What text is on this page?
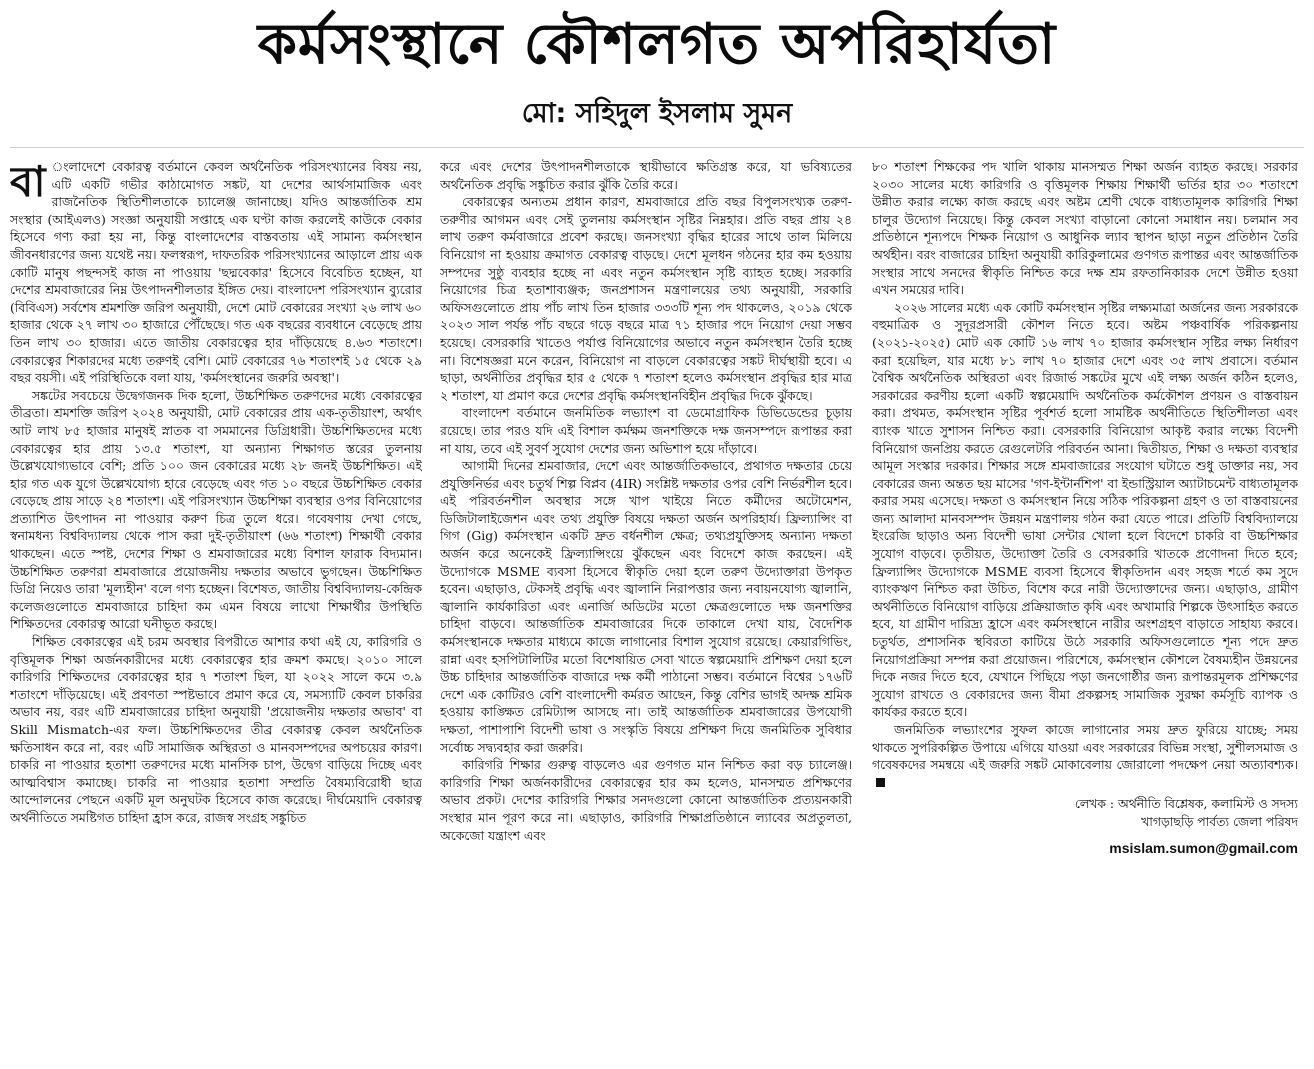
কর্মসংস্থানে কৌশলগত অপরিহার্যতা
মো: সহিদুল ইসলাম সুমন

বা ংলাদেশে বেকারত্ব বর্তমানে কেবল অর্থনৈতিক পরিসংখ্যানের বিষয় নয়, এটি একটি গভীর কাঠামোগত সঙ্কট, যা দেশের আর্থসামাজিক এবং রাজনৈতিক স্থিতিশীলতাকে চ্যালেঞ্জ জানাচ্ছে। যদিও আন্তর্জাতিক শ্রম সংস্থার (আইএলও) সংজ্ঞা অনুযায়ী সপ্তাহে এক ঘণ্টা কাজ করলেই কাউকে বেকার হিসেবে গণ্য করা হয় না, কিন্তু বাংলাদেশের বাস্তবতায় এই সামান্য কর্মসংস্থান জীবনধারণের জন্য যথেষ্ট নয়। ফলস্বরূপ, দাফতরিক পরিসংখ্যানের আড়ালে প্রায় এক কোটি মানুষ পছন্দসই কাজ না পাওয়ায় 'ছদ্মবেকার' হিসেবে বিবেচিত হচ্ছেন, যা দেশের শ্রমবাজারের নিম্ন উৎপাদনশীলতার ইঙ্গিত দেয়। বাংলাদেশ পরিসংখ্যান ব্যুরোর (বিবিএস) সর্বশেষ শ্রমশক্তি জরিপ অনুযায়ী, দেশে মোট বেকারের সংখ্যা ২৬ লাখ ৬০ হাজার থেকে ২৭ লাখ ৩০ হাজারে পৌঁছেছে। গত এক বছরের ব্যবধানে বেড়েছে প্রায় তিন লাখ ৩০ হাজার। এতে জাতীয় বেকারত্বের হার দাঁড়িয়েছে ৪.৬৩ শতাংশে। বেকারত্বের শিকারদের মধ্যে তরুণই বেশি। মোট বেকারের ৭৬ শতাংশই ১৫ থেকে ২৯ বছর বয়সী। এই পরিস্থিতিকে বলা যায়, 'কর্মসংস্থানের জরুরি অবস্থা'।

সঙ্কটের সবচেয়ে উদ্বেগজনক দিক হলো, উচ্চশিক্ষিত তরুণদের মধ্যে বেকারত্বের তীব্রতা। শ্রমশক্তি জরিপ ২০২৪ অনুযায়ী, মোট বেকারের প্রায় এক-তৃতীয়াংশ, অর্থাৎ আট লাখ ৮৫ হাজার মানুষই স্নাতক বা সমমানের ডিগ্রিধারী। উচ্চশিক্ষিতদের মধ্যে বেকারত্বের হার প্রায় ১৩.৫ শতাংশ, যা অন্যান্য শিক্ষাগত স্তরের তুলনায় উল্লেখযোগ্যভাবে বেশি; প্রতি ১০০ জন বেকারের মধ্যে ২৮ জনই উচ্চশিক্ষিত। এই হার গত এক যুগে উল্লেখযোগ্য হারে বেড়েছে এবং গত ১০ বছরে উচ্চশিক্ষিত বেকার বেড়েছে প্রায় সাড়ে ২৪ শতাংশ। এই পরিসংখ্যান উচ্চশিক্ষা ব্যবস্থার ওপর বিনিয়োগের প্রত্যাশিত উৎপাদন না পাওয়ার করুণ চিত্র তুলে ধরে। গবেষণায় দেখা গেছে, স্বনামধন্য বিশ্ববিদ্যালয় থেকে পাস করা দুই-তৃতীয়াংশ (৬৬ শতাংশ) শিক্ষার্থী বেকার থাকছেন। এতে স্পষ্ট, দেশের শিক্ষা ও শ্রমবাজারের মধ্যে বিশাল ফারাক বিদ্যমান। উচ্চশিক্ষিত তরুণরা শ্রমবাজারে প্রয়োজনীয় দক্ষতার অভাবে ভুগছেন। উচ্চশিক্ষিত ডিগ্রি নিয়েও তারা 'মূল্যহীন' বলে গণ্য হচ্ছেন। বিশেষত, জাতীয় বিশ্ববিদ্যালয়-কেন্দ্রিক কলেজগুলোতে শ্রমবাজারে চাহিদা কম এমন বিষয়ে লাখো শিক্ষার্থীর উপস্থিতি শিক্ষিতদের বেকারত্ব আরো ঘনীভূত করছে।

শিক্ষিত বেকারত্বের এই চরম অবস্থার বিপরীতে আশার কথা এই যে, কারিগরি ও বৃত্তিমূলক শিক্ষা অর্জনকারীদের মধ্যে বেকারত্বের হার ক্রমশ কমছে। ২০১০ সালে কারিগরি শিক্ষিতদের বেকারত্বের হার ৭ শতাংশ ছিল, যা ২০২২ সালে কমে ৩.৯ শতাংশে দাঁড়িয়েছে। এই প্রবণতা স্পষ্টভাবে প্রমাণ করে যে, সমস্যাটি কেবল চাকরির অভাব নয়, বরং এটি শ্রমবাজারের চাহিদা অনুযায়ী 'প্রয়োজনীয় দক্ষতার অভাব' বা Skill Mismatch-এর ফল। উচ্চশিক্ষিতদের তীব্র বেকারত্ব কেবল অর্থনৈতিক ক্ষতিসাধন করে না, বরং এটি সামাজিক অস্থিরতা ও মানবসম্পদের অপচয়ের কারণ। চাকরি না পাওয়ার হতাশা তরুণদের মধ্যে মানসিক চাপ, উদ্বেগ বাড়িয়ে দিচ্ছে এবং আত্মবিশ্বাস কমাচ্ছে। চাকরি না পাওয়ার হতাশা সম্প্রতি বৈষম্যবিরোধী ছাত্র আন্দোলনের পেছনে একটি মূল অনুঘটক হিসেবে কাজ করেছে। দীর্ঘমেয়াদি বেকারত্ব অর্থনীতিতে সমষ্টিগত চাহিদা হ্রাস করে, রাজস্ব সংগ্রহ সঙ্কুচিত

করে এবং দেশের উৎপাদনশীলতাকে স্থায়ীভাবে ক্ষতিগ্রস্ত করে, যা ভবিষ্যতের অর্থনৈতিক প্রবৃদ্ধি সঙ্কুচিত করার ঝুঁকি তৈরি করে।

বেকারত্বের অন্যতম প্রধান কারণ, শ্রমবাজারে প্রতি বছর বিপুলসংখ্যক তরুণ-তরুণীর আগমন এবং সেই তুলনায় কর্মসংস্থান সৃষ্টির নিম্নহার। প্রতি বছর প্রায় ২৪ লাখ তরুণ কর্মবাজারে প্রবেশ করছে। জনসংখ্যা বৃদ্ধির হারের সাথে তাল মিলিয়ে বিনিয়োগ না হওয়ায় ক্রমাগত বেকারত্ব বাড়ছে। দেশে মূলধন গঠনের হার কম হওয়ায় সম্পদের সুষ্ঠু ব্যবহার হচ্ছে না এবং নতুন কর্মসংস্থান সৃষ্টি ব্যাহত হচ্ছে। সরকারি নিয়োগের চিত্র হতাশাব্যঞ্জক; জনপ্রশাসন মন্ত্রণালয়ের তথ্য অনুযায়ী, সরকারি অফিসগুলোতে প্রায় পাঁচ লাখ তিন হাজার ৩৩৩টি শূন্য পদ থাকলেও, ২০১৯ থেকে ২০২৩ সাল পর্যন্ত পাঁচ বছরে গড়ে বছরে মাত্র ৭১ হাজার পদে নিয়োগ দেয়া সম্ভব হয়েছে। বেসরকারি খাতেও পর্যাপ্ত বিনিয়োগের অভাবে নতুন কর্মসংস্থান তৈরি হচ্ছে না। বিশেষজ্ঞরা মনে করেন, বিনিয়োগ না বাড়লে বেকারত্বের সঙ্কট দীর্ঘস্থায়ী হবে। এ ছাড়া, অর্থনীতির প্রবৃদ্ধির হার ৫ থেকে ৭ শতাংশ হলেও কর্মসংস্থান প্রবৃদ্ধির হার মাত্র ২ শতাংশ, যা প্রমাণ করে দেশের প্রবৃদ্ধি কর্মসংস্থানবিহীন প্রবৃদ্ধির দিকে ঝুঁকছে।

বাংলাদেশ বর্তমানে জনমিতিক লভ্যাংশ বা ডেমোগ্রাফিক ডিভিডেন্ডের চূড়ায় রয়েছে। তার পরও যদি এই বিশাল কর্মক্ষম জনশক্তিকে দক্ষ জনসম্পদে রূপান্তর করা না যায়, তবে এই সুবর্ণ সুযোগ দেশের জন্য অভিশাপ হয়ে দাঁড়াবে।

আগামী দিনের শ্রমবাজার, দেশে এবং আন্তর্জাতিকভাবে, প্রথাগত দক্ষতার চেয়ে প্রযুক্তিনির্ভর এবং চতুর্থ শিল্প বিপ্লব (4IR) সংশ্লিষ্ট দক্ষতার ওপর বেশি নির্ভরশীল হবে। এই পরিবর্তনশীল অবস্থার সঙ্গে খাপ খাইয়ে নিতে কর্মীদের অটোমেশন, ডিজিটালাইজেশন এবং তথ্য প্রযুক্তি বিষয়ে দক্ষতা অর্জন অপরিহার্য। ফ্রিল্যান্সিং বা গিগ (Gig) কর্মসংস্থান একটি দ্রুত বর্ধনশীল ক্ষেত্র; তথ্যপ্রযুক্তিসহ অন্যান্য দক্ষতা অর্জন করে অনেকেই ফ্রিল্যান্সিংয়ে ঝুঁকছেন এবং বিদেশে কাজ করছেন। এই উদ্যোগকে MSME ব্যবসা হিসেবে স্বীকৃতি দেয়া হলে তরুণ উদ্যোক্তারা উপকৃত হবেন। এছাড়াও, টেকসই প্রবৃদ্ধি এবং জ্বালানি নিরাপত্তার জন্য নবায়নযোগ্য জ্বালানি, জ্বালানি কার্যকারিতা এবং এনার্জি অডিটের মতো ক্ষেত্রগুলোতে দক্ষ জনশক্তির চাহিদা বাড়বে। আন্তর্জাতিক শ্রমবাজারের দিকে তাকালে দেখা যায়, বৈদেশিক কর্মসংস্থানকে দক্ষতার মাধ্যমে কাজে লাগানোর বিশাল সুযোগ রয়েছে। কেয়ারগিভিং, রান্না এবং হসপিটালিটির মতো বিশেষায়িত সেবা খাতে স্বল্পমেয়াদি প্রশিক্ষণ দেয়া হলে উচ্চ চাহিদার আন্তর্জাতিক বাজারে দক্ষ কর্মী পাঠানো সম্ভব। বর্তমানে বিশ্বের ১৭৬টি দেশে এক কোটিরও বেশি বাংলাদেশী কর্মরত আছেন, কিন্তু বেশির ভাগই অদক্ষ শ্রমিক হওয়ায় কাঙ্ক্ষিত রেমিট্যান্স আসছে না। তাই আন্তর্জাতিক শ্রমবাজারের উপযোগী দক্ষতা, পাশাপাশি বিদেশী ভাষা ও সংস্কৃতি বিষয়ে প্রশিক্ষণ দিয়ে জনমিতিক সুবিধার সর্বোচ্চ সদ্ব্যবহার করা জরুরি।

কারিগরি শিক্ষার গুরুত্ব বাড়লেও এর গুণগত মান নিশ্চিত করা বড় চ্যালেঞ্জ। কারিগরি শিক্ষা অর্জনকারীদের বেকারত্বের হার কম হলেও, মানসম্মত প্রশিক্ষণের অভাব প্রকট। দেশের কারিগরি শিক্ষার সনদগুলো কোনো আন্তর্জাতিক প্রত্যয়নকারী সংস্থার মান পূরণ করে না। এছাড়াও, কারিগরি শিক্ষাপ্রতিষ্ঠানে ল্যাবের অপ্রতুলতা, অকেজো যন্ত্রাংশ এবং

৮০ শতাংশ শিক্ষকের পদ খালি থাকায় মানসম্মত শিক্ষা অর্জন ব্যাহত করছে। সরকার ২০৩০ সালের মধ্যে কারিগরি ও বৃত্তিমূলক শিক্ষায় শিক্ষার্থী ভর্তির হার ৩০ শতাংশে উন্নীত করার লক্ষ্যে কাজ করছে এবং অষ্টম শ্রেণী থেকে বাধ্যতামূলক কারিগরি শিক্ষা চালুর উদ্যোগ নিয়েছে। কিন্তু কেবল সংখ্যা বাড়ানো কোনো সমাধান নয়। চলমান সব প্রতিষ্ঠানে শূন্যপদে শিক্ষক নিয়োগ ও আধুনিক ল্যাব স্থাপন ছাড়া নতুন প্রতিষ্ঠান তৈরি অর্থহীন। বরং বাজারের চাহিদা অনুযায়ী কারিকুলামের গুণগত রূপান্তর এবং আন্তর্জাতিক সংস্থার সাথে সনদের স্বীকৃতি নিশ্চিত করে দক্ষ শ্রম রফতানিকারক দেশে উন্নীত হওয়া এখন সময়ের দাবি।

২০২৬ সালের মধ্যে এক কোটি কর্মসংস্থান সৃষ্টির লক্ষ্যমাত্রা অর্জনের জন্য সরকারকে বহুমাত্রিক ও সুদূরপ্রসারী কৌশল নিতে হবে। অষ্টম পঞ্চবার্ষিক পরিকল্পনায় (২০২১-২০২৫) মোট এক কোটি ১৬ লাখ ৭০ হাজার কর্মসংস্থান সৃষ্টির লক্ষ্য নির্ধারণ করা হয়েছিল, যার মধ্যে ৮১ লাখ ৭০ হাজার দেশে এবং ৩৫ লাখ প্রবাসে। বর্তমান বৈশ্বিক অর্থনৈতিক অস্থিরতা এবং রিজার্ভ সঙ্কটের মুখে এই লক্ষ্য অর্জন কঠিন হলেও, সরকারের করণীয় হলো একটি স্বল্পমেয়াদি অর্থনৈতিক কর্মকৌশল প্রণয়ন ও বাস্তবায়ন করা। প্রথমত, কর্মসংস্থান সৃষ্টির পূর্বশর্ত হলো সামষ্টিক অর্থনীতিতে স্থিতিশীলতা এবং ব্যাংক খাতে সুশাসন নিশ্চিত করা। বেসরকারি বিনিয়োগ আকৃষ্ট করার লক্ষ্যে বিদেশী বিনিয়োগ জনপ্রিয় করতে রেগুলেটরি পরিবর্তন আনা। দ্বিতীয়ত, শিক্ষা ও দক্ষতা ব্যবস্থার আমূল সংস্কার দরকার। শিক্ষার সঙ্গে শ্রমবাজারের সংযোগ ঘটাতে শুধু ডাক্তার নয়, সব বেকারের জন্য অন্তত ছয় মাসের 'গণ-ইন্টার্নশিপ' বা ইন্ডাস্ট্রিয়াল অ্যাটাচমেন্ট বাধ্যতামূলক করার সময় এসেছে। দক্ষতা ও কর্মসংস্থান নিয়ে সঠিক পরিকল্পনা গ্রহণ ও তা বাস্তবায়নের জন্য আলাদা মানবসম্পদ উন্নয়ন মন্ত্রণালয় গঠন করা যেতে পারে। প্রতিটি বিশ্ববিদ্যালয়ে ইংরেজি ছাড়াও অন্য বিদেশী ভাষা সেন্টার খোলা হলে বিদেশে চাকরি বা উচ্চশিক্ষার সুযোগ বাড়বে। তৃতীয়ত, উদ্যোক্তা তৈরি ও বেসরকারি খাতকে প্রণোদনা দিতে হবে; ফ্রিল্যান্সিং উদ্যোগকে MSME ব্যবসা হিসেবে স্বীকৃতিদান এবং সহজ শর্তে কম সুদে ব্যাংকঋণ নিশ্চিত করা উচিত, বিশেষ করে নারী উদ্যোক্তাদের জন্য। এছাড়াও, গ্রামীণ অর্থনীতিতে বিনিয়োগ বাড়িয়ে প্রক্রিয়াজাত কৃষি এবং অখামারি শিল্পকে উৎসাহিত করতে হবে, যা গ্রামীণ দারিদ্র্য হ্রাসে এবং কর্মসংস্থানে নারীর অংশগ্রহণ বাড়াতে সাহায্য করবে। চতুর্থত, প্রশাসনিক স্থবিরতা কাটিয়ে উঠে সরকারি অফিসগুলোতে শূন্য পদে দ্রুত নিয়োগপ্রক্রিয়া সম্পন্ন করা প্রয়োজন। পরিশেষে, কর্মসংস্থান কৌশলে বৈষম্যহীন উন্নয়নের দিকে নজর দিতে হবে, যেখানে পিছিয়ে পড়া জনগোষ্ঠীর জন্য রূপান্তরমূলক প্রশিক্ষণের সুযোগ রাখতে ও বেকারদের জন্য বীমা প্রকল্পসহ সামাজিক সুরক্ষা কর্মসূচি ব্যাপক ও কার্যকর করতে হবে।

জনমিতিক লভ্যাংশের সুফল কাজে লাগানোর সময় দ্রুত ফুরিয়ে যাচ্ছে; সময় থাকতে সুপরিকল্পিত উপায়ে এগিয়ে যাওয়া এবং সরকারের বিভিন্ন সংস্থা, সুশীলসমাজ ও গবেষকদের সমন্বয়ে এই জরুরি সঙ্কট মোকাবেলায় জোরালো পদক্ষেপ নেয়া অত্যাবশ্যক।

লেখক : অর্থনীতি বিশ্লেষক, কলামিস্ট ও সদস্য
খাগড়াছড়ি পার্বত্য জেলা পরিষদ
msislam.sumon@gmail.com
